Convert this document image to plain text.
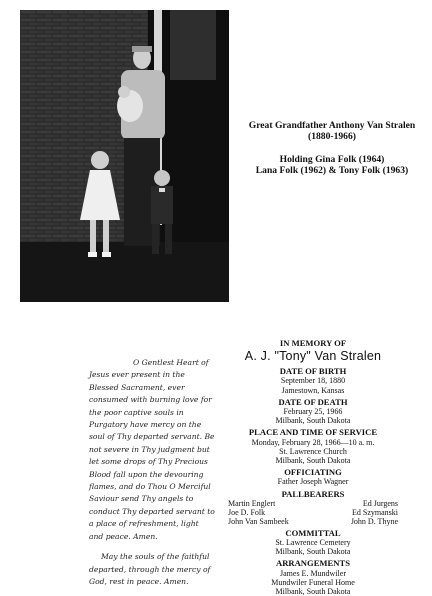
Great Grandfather Anthony Van Stralen
(1880-1966)
Holding Gina Folk (1964)
Lana Folk (1962) & Tony Folk (1963)

O Gentlest Heart of Jesus ever present in the Blessed Sacrament, ever consumed with burning love for the poor captive souls in Purgatory have mercy on the soul of Thy departed servant. Be not severe in Thy judgment but let some drops of Thy Precious Blood fall upon the devouring flames, and do Thou O Merciful Saviour send Thy angels to conduct Thy departed servant to a place of refreshment, light and peace. Amen.

May the souls of the faithful departed, through the mercy of God, rest in peace. Amen.

IN MEMORY OF
A. J. "Tony" Van Stralen
DATE OF BIRTH
September 18, 1880
Jamestown, Kansas
DATE OF DEATH
February 25, 1966
Milbank, South Dakota
PLACE AND TIME OF SERVICE
Monday, February 28, 1966—10 a. m.
St. Lawrence Church
Milbank, South Dakota
OFFICIATING
Father Joseph Wagner
PALLBEARERS
Martin Englert	Ed Jurgens
Joe D. Folk	Ed Szymanski
John Van Sambeek	John D. Thyne
COMMITTAL
St. Lawrence Cemetery
Milbank, South Dakota
ARRANGEMENTS
James E. Mundwiler
Mundwiler Funeral Home
Milbank, South Dakota
